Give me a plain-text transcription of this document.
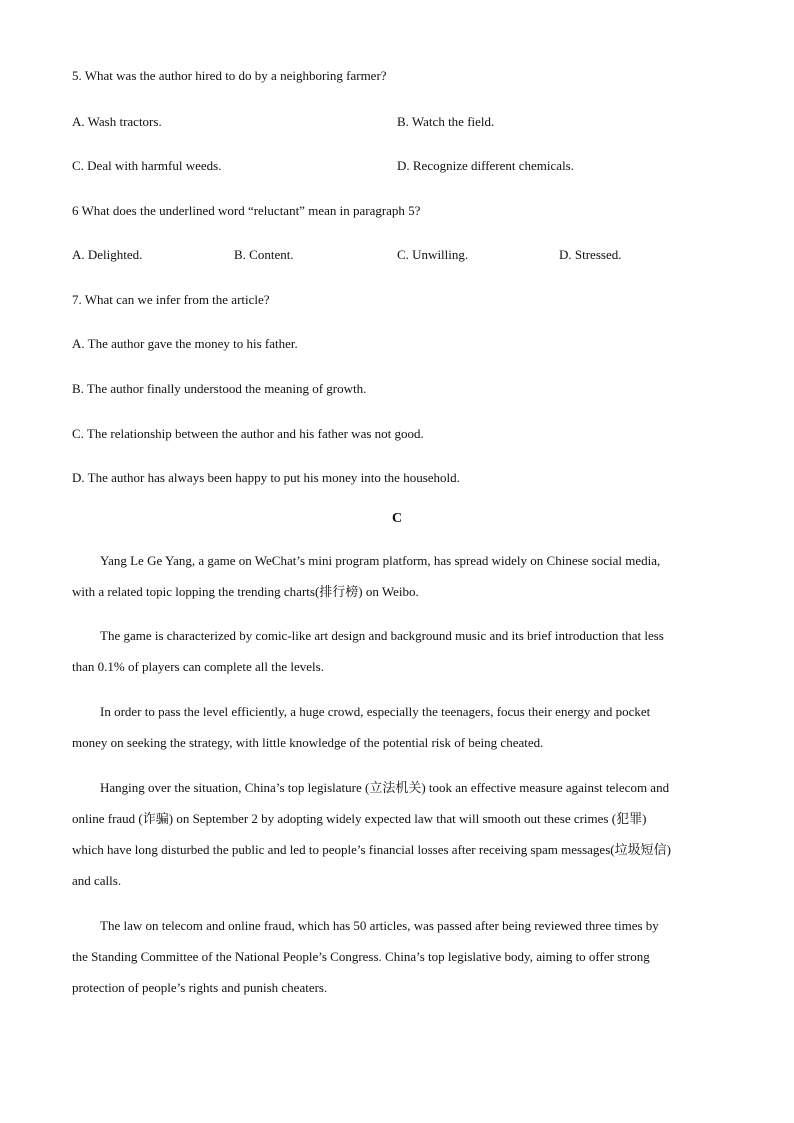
5. What was the author hired to do by a neighboring farmer?
A. Wash tractors.	B. Watch the field.
C. Deal with harmful weeds.	D. Recognize different chemicals.
6 What does the underlined word “reluctant” mean in paragraph 5?
A. Delighted.	B. Content.	C. Unwilling.	D. Stressed.
7. What can we infer from the article?
A. The author gave the money to his father.
B. The author finally understood the meaning of growth.
C. The relationship between the author and his father was not good.
D. The author has always been happy to put his money into the household.
C
Yang Le Ge Yang, a game on WeChat’s mini program platform, has spread widely on Chinese social media,
with a related topic lopping the trending charts(排行榜) on Weibo.
The game is characterized by comic-like art design and background music and its brief introduction that less
than 0.1% of players can complete all the levels.
In order to pass the level efficiently, a huge crowd, especially the teenagers, focus their energy and pocket
money on seeking the strategy, with little knowledge of the potential risk of being cheated.
Hanging over the situation, China’s top legislature (立法机关) took an effective measure against telecom and
online fraud (诈骗) on September 2 by adopting widely expected law that will smooth out these crimes (犯罪)
which have long disturbed the public and led to people’s financial losses after receiving spam messages(垃圾短信)
and calls.
The law on telecom and online fraud, which has 50 articles, was passed after being reviewed three times by
the Standing Committee of the National People’s Congress. China’s top legislative body, aiming to offer strong
protection of people’s rights and punish cheaters.
